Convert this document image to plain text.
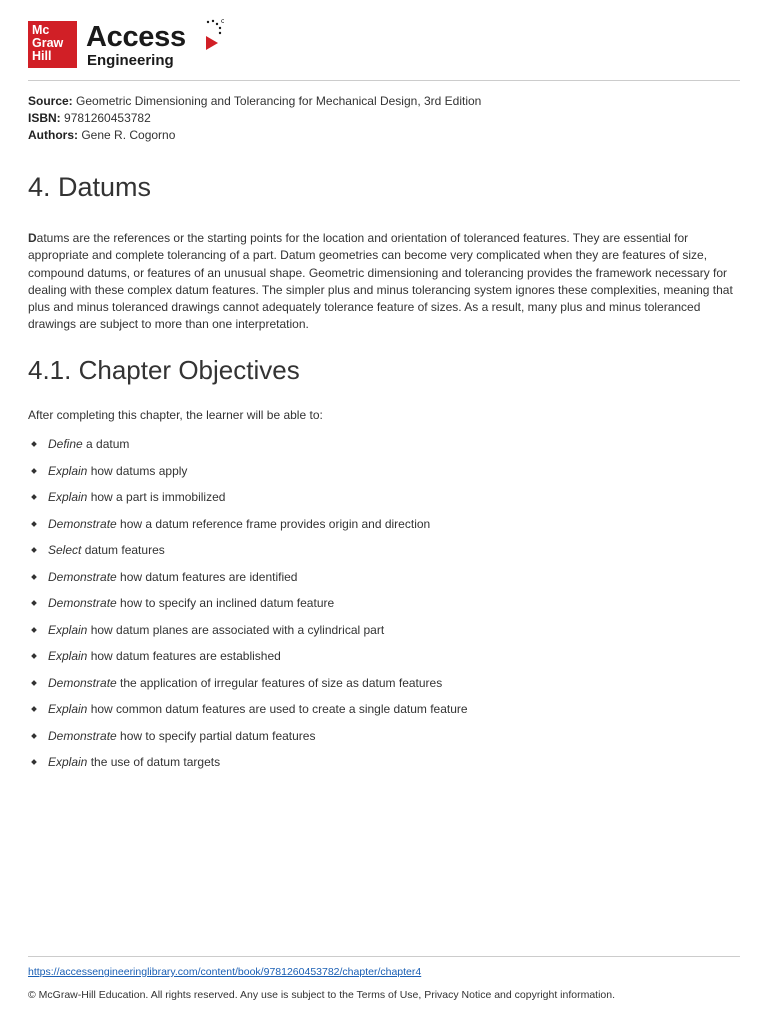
Mc
Graw
Hill
Access
Engineering
Source: Geometric Dimensioning and Tolerancing for Mechanical Design, 3rd Edition
ISBN: 9781260453782
Authors: Gene R. Cogorno
4. Datums

Datums are the references or the starting points for the location and orientation of toleranced features. They are essential for appropriate and complete tolerancing of a part. Datum geometries can become very complicated when they are features of size, compound datums, or features of an unusual shape. Geometric dimensioning and tolerancing provides the framework necessary for dealing with these complex datum features. The simpler plus and minus tolerancing system ignores these complexities, meaning that plus and minus toleranced drawings cannot adequately tolerance feature of sizes. As a result, many plus and minus toleranced drawings are subject to more than one interpretation.

4.1. Chapter Objectives

After completing this chapter, the learner will be able to:

Define a datum
Explain how datums apply
Explain how a part is immobilized
Demonstrate how a datum reference frame provides origin and direction
Select datum features
Demonstrate how datum features are identified
Demonstrate how to specify an inclined datum feature
Explain how datum planes are associated with a cylindrical part
Explain how datum features are established
Demonstrate the application of irregular features of size as datum features
Explain how common datum features are used to create a single datum feature
Demonstrate how to specify partial datum features
Explain the use of datum targets
https://accessengineeringlibrary.com/content/book/9781260453782/chapter/chapter4
© McGraw-Hill Education. All rights reserved. Any use is subject to the Terms of Use, Privacy Notice and copyright information.
